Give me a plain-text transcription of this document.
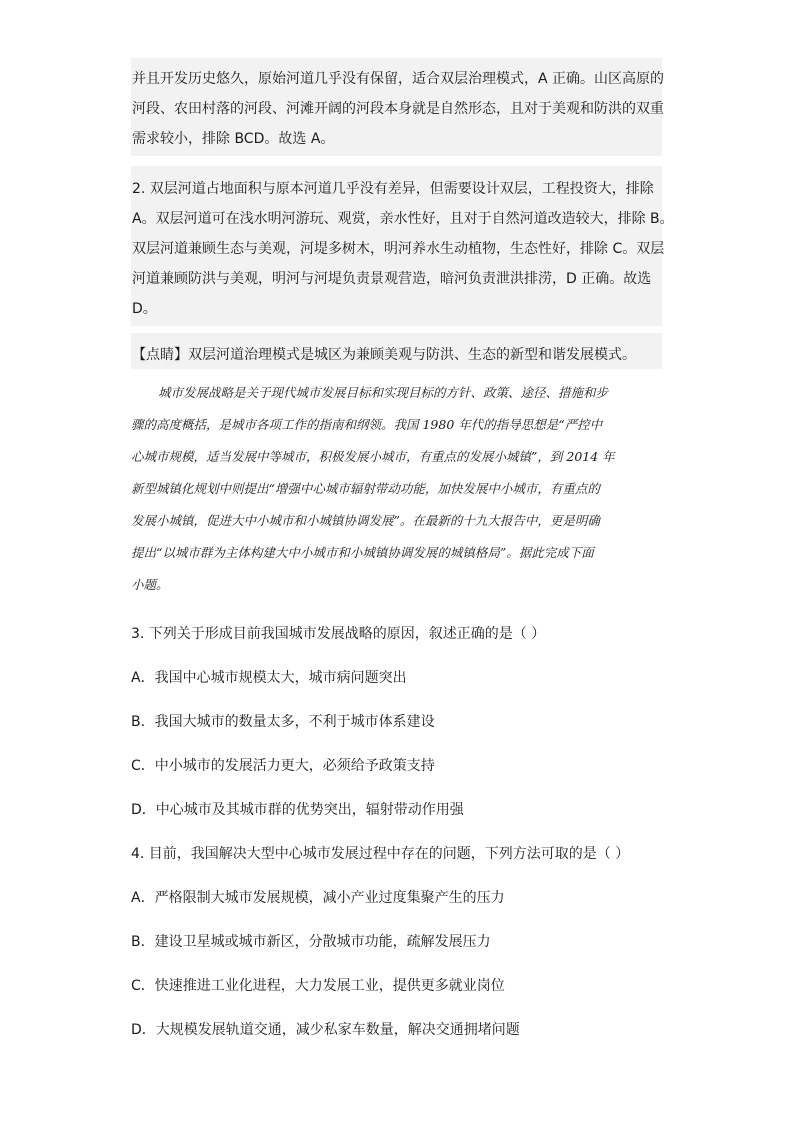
并且开发历史悠久，原始河道几乎没有保留，适合双层治理模式，A 正确。山区高原的
河段、农田村落的河段、河滩开阔的河段本身就是自然形态，且对于美观和防洪的双重
需求较小，排除 BCD。故选 A。
2. 双层河道占地面积与原本河道几乎没有差异，但需要设计双层，工程投资大，排除
A。双层河道可在浅水明河游玩、观赏，亲水性好，且对于自然河道改造较大，排除 B。
双层河道兼顾生态与美观，河堤多树木，明河养水生动植物，生态性好，排除 C。双层
河道兼顾防洪与美观，明河与河堤负责景观营造，暗河负责泄洪排涝，D 正确。故选
D。
【点睛】双层河道治理模式是城区为兼顾美观与防洪、生态的新型和谐发展模式。
城市发展战略是关于现代城市发展目标和实现目标的方针、政策、途径、措施和步
骤的高度概括，是城市各项工作的指南和纲领。我国 1980 年代的指导思想是“严控中
心城市规模，适当发展中等城市，积极发展小城市，有重点的发展小城镇”，到 2014 年
新型城镇化规划中则提出“增强中心城市辐射带动功能，加快发展中小城市，有重点的
发展小城镇，促进大中小城市和小城镇协调发展”。在最新的十九大报告中，更是明确
提出“以城市群为主体构建大中小城市和小城镇协调发展的城镇格局”。据此完成下面
小题。
3. 下列关于形成目前我国城市发展战略的原因，叙述正确的是（ ）
A．我国中心城市规模太大，城市病问题突出
B．我国大城市的数量太多，不利于城市体系建设
C．中小城市的发展活力更大，必须给予政策支持
D．中心城市及其城市群的优势突出，辐射带动作用强
4. 目前，我国解决大型中心城市发展过程中存在的问题，下列方法可取的是（ ）
A．严格限制大城市发展规模，减小产业过度集聚产生的压力
B．建设卫星城或城市新区，分散城市功能，疏解发展压力
C．快速推进工业化进程，大力发展工业，提供更多就业岗位
D．大规模发展轨道交通，减少私家车数量，解决交通拥堵问题
